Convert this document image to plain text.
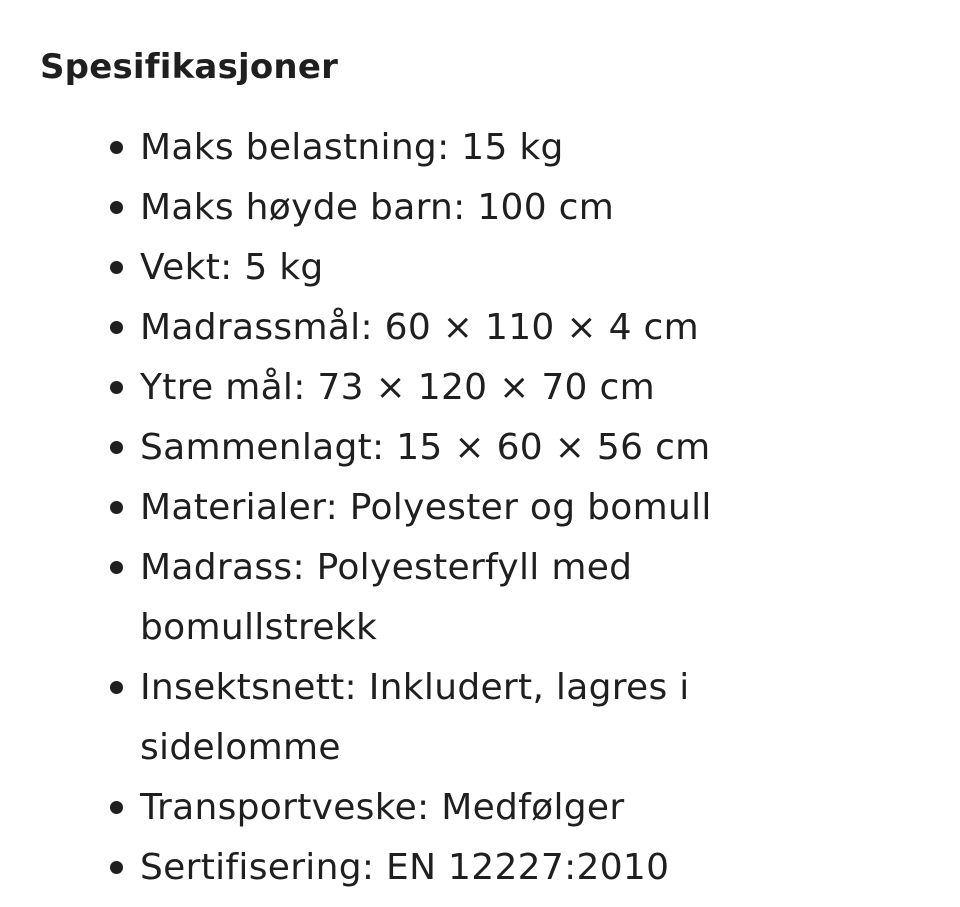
Spesifikasjoner
Maks belastning: 15 kg
Maks høyde barn: 100 cm
Vekt: 5 kg
Madrassmål: 60 × 110 × 4 cm
Ytre mål: 73 × 120 × 70 cm
Sammenlagt: 15 × 60 × 56 cm
Materialer: Polyester og bomull
Madrass: Polyesterfyll med bomullstrekk
Insektsnett: Inkludert, lagres i sidelomme
Transportveske: Medfølger
Sertifisering: EN 12227:2010
